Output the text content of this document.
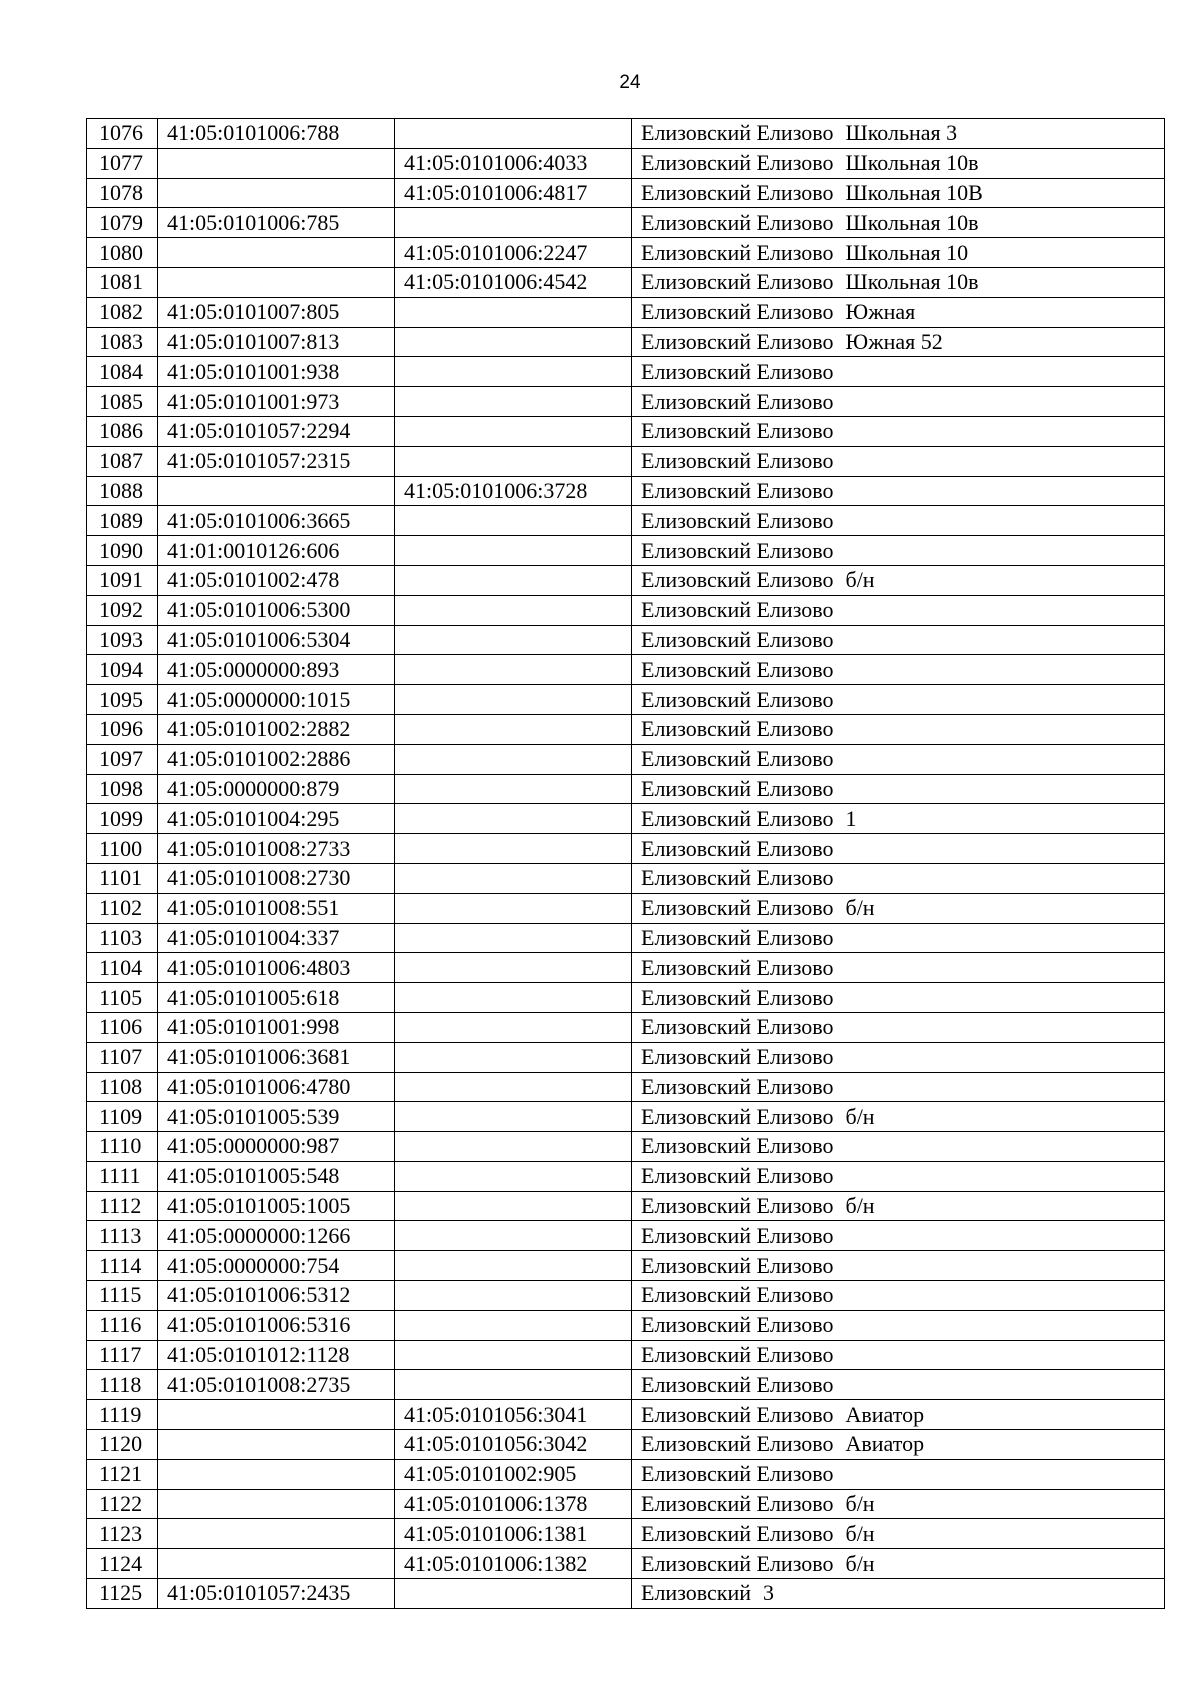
24
1076	41:05:0101006:788		Елизовский Елизово Школьная 3
1077		41:05:0101006:4033	Елизовский Елизово Школьная 10в
1078		41:05:0101006:4817	Елизовский Елизово Школьная 10В
1079	41:05:0101006:785		Елизовский Елизово Школьная 10в
1080		41:05:0101006:2247	Елизовский Елизово Школьная 10
1081		41:05:0101006:4542	Елизовский Елизово Школьная 10в
1082	41:05:0101007:805		Елизовский Елизово Южная
1083	41:05:0101007:813		Елизовский Елизово Южная 52
1084	41:05:0101001:938		Елизовский Елизово
1085	41:05:0101001:973		Елизовский Елизово
1086	41:05:0101057:2294		Елизовский Елизово
1087	41:05:0101057:2315		Елизовский Елизово
1088		41:05:0101006:3728	Елизовский Елизово
1089	41:05:0101006:3665		Елизовский Елизово
1090	41:01:0010126:606		Елизовский Елизово
1091	41:05:0101002:478		Елизовский Елизово б/н
1092	41:05:0101006:5300		Елизовский Елизово
1093	41:05:0101006:5304		Елизовский Елизово
1094	41:05:0000000:893		Елизовский Елизово
1095	41:05:0000000:1015		Елизовский Елизово
1096	41:05:0101002:2882		Елизовский Елизово
1097	41:05:0101002:2886		Елизовский Елизово
1098	41:05:0000000:879		Елизовский Елизово
1099	41:05:0101004:295		Елизовский Елизово 1
1100	41:05:0101008:2733		Елизовский Елизово
1101	41:05:0101008:2730		Елизовский Елизово
1102	41:05:0101008:551		Елизовский Елизово б/н
1103	41:05:0101004:337		Елизовский Елизово
1104	41:05:0101006:4803		Елизовский Елизово
1105	41:05:0101005:618		Елизовский Елизово
1106	41:05:0101001:998		Елизовский Елизово
1107	41:05:0101006:3681		Елизовский Елизово
1108	41:05:0101006:4780		Елизовский Елизово
1109	41:05:0101005:539		Елизовский Елизово б/н
1110	41:05:0000000:987		Елизовский Елизово
1111	41:05:0101005:548		Елизовский Елизово
1112	41:05:0101005:1005		Елизовский Елизово б/н
1113	41:05:0000000:1266		Елизовский Елизово
1114	41:05:0000000:754		Елизовский Елизово
1115	41:05:0101006:5312		Елизовский Елизово
1116	41:05:0101006:5316		Елизовский Елизово
1117	41:05:0101012:1128		Елизовский Елизово
1118	41:05:0101008:2735		Елизовский Елизово
1119		41:05:0101056:3041	Елизовский Елизово Авиатор
1120		41:05:0101056:3042	Елизовский Елизово Авиатор
1121		41:05:0101002:905	Елизовский Елизово
1122		41:05:0101006:1378	Елизовский Елизово б/н
1123		41:05:0101006:1381	Елизовский Елизово б/н
1124		41:05:0101006:1382	Елизовский Елизово б/н
1125	41:05:0101057:2435		Елизовский 3
